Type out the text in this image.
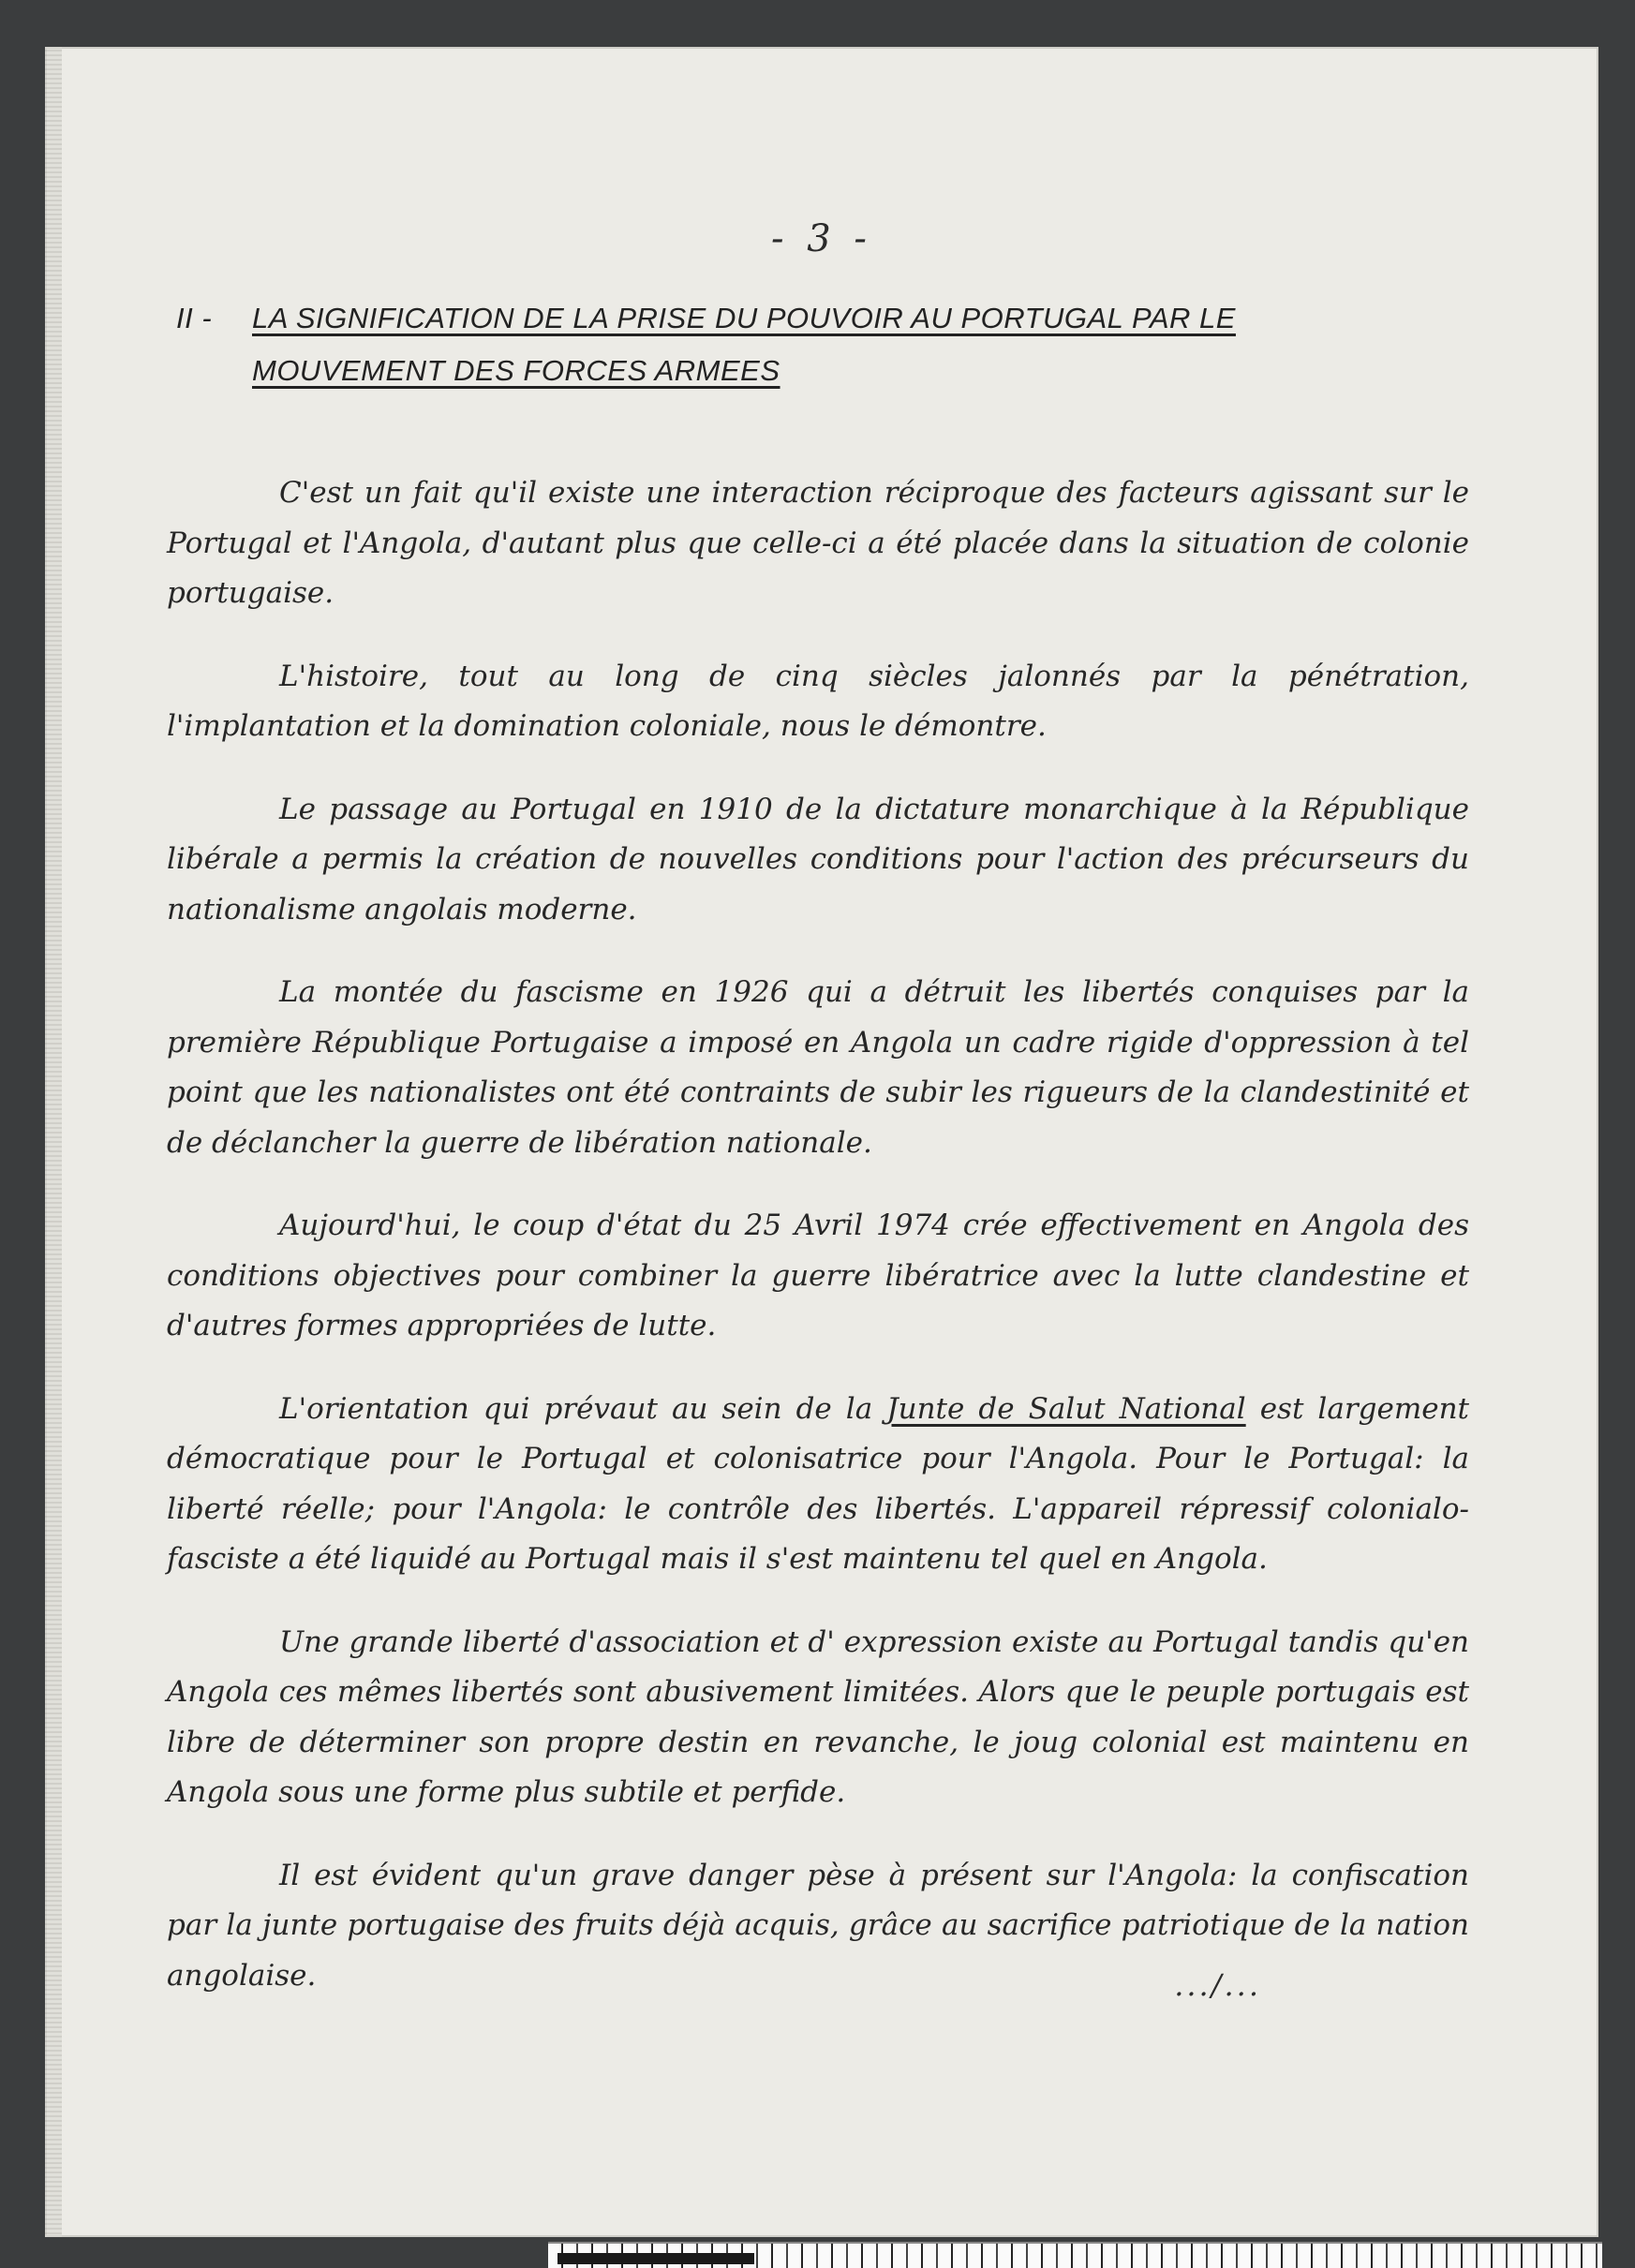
- 3 -
II - LA SIGNIFICATION DE LA PRISE DU POUVOIR AU PORTUGAL PAR LE MOUVEMENT DES FORCES ARMEES

C'est un fait qu'il existe une interaction réciproque des facteurs agissant sur le Portugal et l'Angola, d'autant plus que celle-ci a été placée dans la situation de colonie portugaise.

L'histoire, tout au long de cinq siècles jalonnés par la pénétration, l'implantation et la domination coloniale, nous le démontre.

Le passage au Portugal en 1910 de la dictature monarchique à la République libérale a permis la création de nouvelles conditions pour l'action des précurseurs du nationalisme angolais moderne.

La montée du fascisme en 1926 qui a détruit les libertés conquises par la première République Portugaise a imposé en Angola un cadre rigide d'oppression à tel point que les nationalistes ont été contraints de subir les rigueurs de la clandestinité et de déclancher la guerre de libération nationale.

Aujourd'hui, le coup d'état du 25 Avril 1974 crée effectivement en Angola des conditions objectives pour combiner la guerre libératrice avec la lutte clandestine et d'autres formes appropriées de lutte.

L'orientation qui prévaut au sein de la Junte de Salut National est largement démocratique pour le Portugal et colonisatrice pour l'Angola. Pour le Portugal: la liberté réelle; pour l'Angola: le contrôle des libertés. L'appareil répressif colonialo-fasciste a été liquidé au Portugal mais il s'est maintenu tel quel en Angola.

Une grande liberté d'association et d' expression existe au Portugal tandis qu'en Angola ces mêmes libertés sont abusivement limitées. Alors que le peuple portugais est libre de déterminer son propre destin en revanche, le joug colonial est maintenu en Angola sous une forme plus subtile et perfide.

Il est évident qu'un grave danger pèse à présent sur l'Angola: la confiscation par la junte portugaise des fruits déjà acquis, grâce au sacrifice patriotique de la nation angolaise.	.../...
